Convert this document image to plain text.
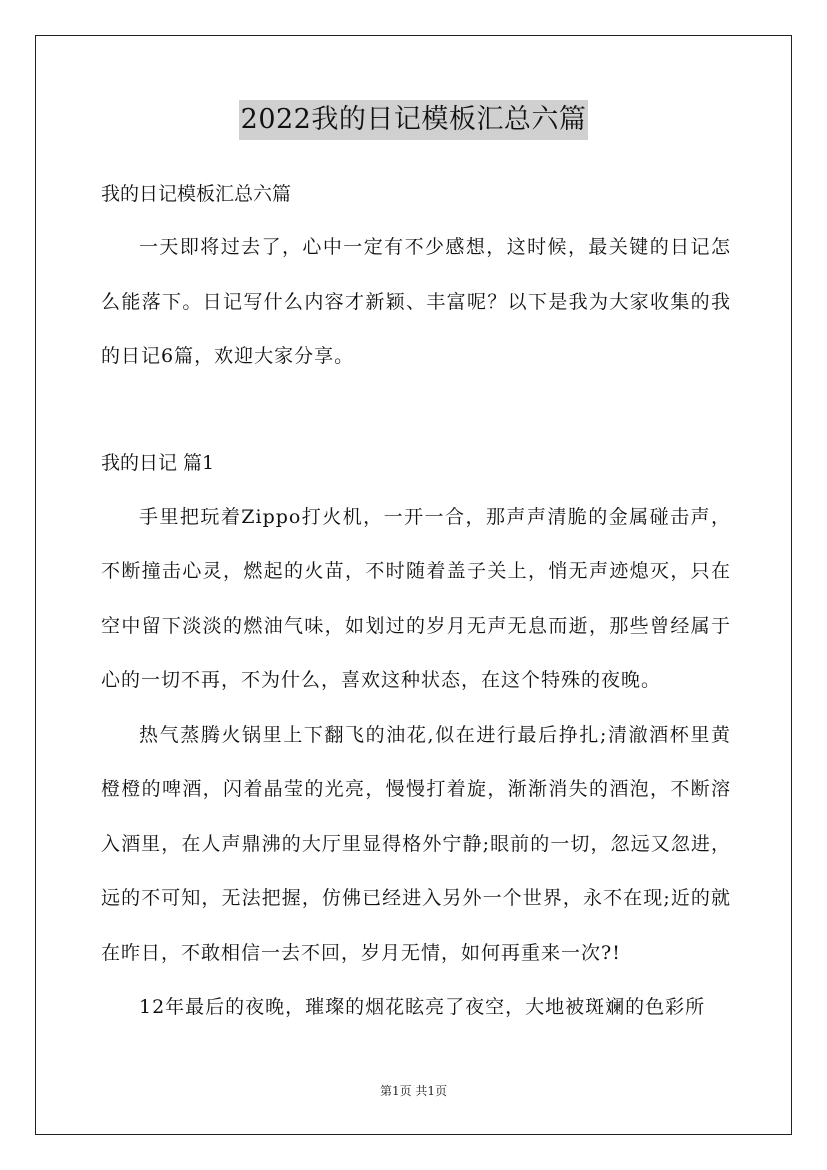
2022我的日记模板汇总六篇

我的日记模板汇总六篇

一天即将过去了，心中一定有不少感想，这时候，最关键的日记怎么能落下。日记写什么内容才新颖、丰富呢？以下是我为大家收集的我的日记6篇，欢迎大家分享。

我的日记 篇1

手里把玩着Zippo打火机，一开一合，那声声清脆的金属碰击声，不断撞击心灵，燃起的火苗，不时随着盖子关上，悄无声迹熄灭，只在空中留下淡淡的燃油气味，如划过的岁月无声无息而逝，那些曾经属于心的一切不再，不为什么，喜欢这种状态，在这个特殊的夜晚。

热气蒸腾火锅里上下翻飞的油花,似在进行最后挣扎;清澈酒杯里黄橙橙的啤酒，闪着晶莹的光亮，慢慢打着旋，渐渐消失的酒泡，不断溶入酒里，在人声鼎沸的大厅里显得格外宁静;眼前的一切，忽远又忽进，远的不可知，无法把握，仿佛已经进入另外一个世界，永不在现;近的就在昨日，不敢相信一去不回，岁月无情，如何再重来一次?!

12年最后的夜晚，璀璨的烟花眩亮了夜空，大地被斑斓的色彩所

第1页 共1页
